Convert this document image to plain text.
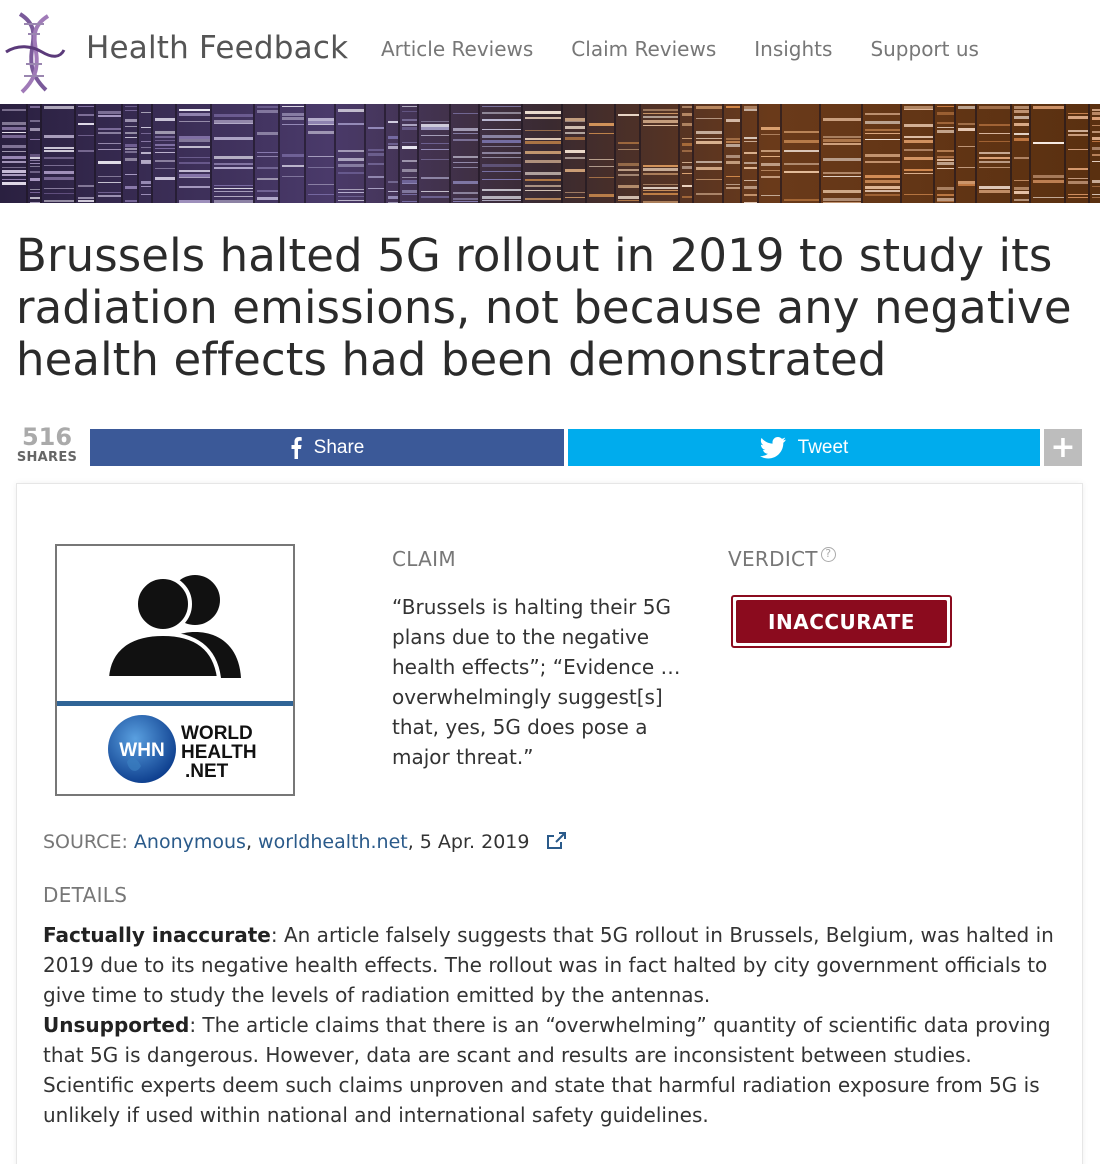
Health Feedback Article Reviews Claim Reviews Insights Support us
Brussels halted 5G rollout in 2019 to study its radiation emissions, not because any negative health effects had been demonstrated
516
SHARES	Share	Tweet	+
WHN
WORLD
HEALTH
.NET
CLAIM
“Brussels is halting their 5G plans due to the negative health effects”; “Evidence … overwhelmingly suggest[s] that, yes, 5G does pose a major threat.”
VERDICT ?
INACCURATE
SOURCE: Anonymous, worldhealth.net, 5 Apr. 2019
DETAILS
Factually inaccurate: An article falsely suggests that 5G rollout in Brussels, Belgium, was halted in 2019 due to its negative health effects. The rollout was in fact halted by city government officials to give time to study the levels of radiation emitted by the antennas.
Unsupported: The article claims that there is an “overwhelming” quantity of scientific data proving that 5G is dangerous. However, data are scant and results are inconsistent between studies. Scientific experts deem such claims unproven and state that harmful radiation exposure from 5G is unlikely if used within national and international safety guidelines.
